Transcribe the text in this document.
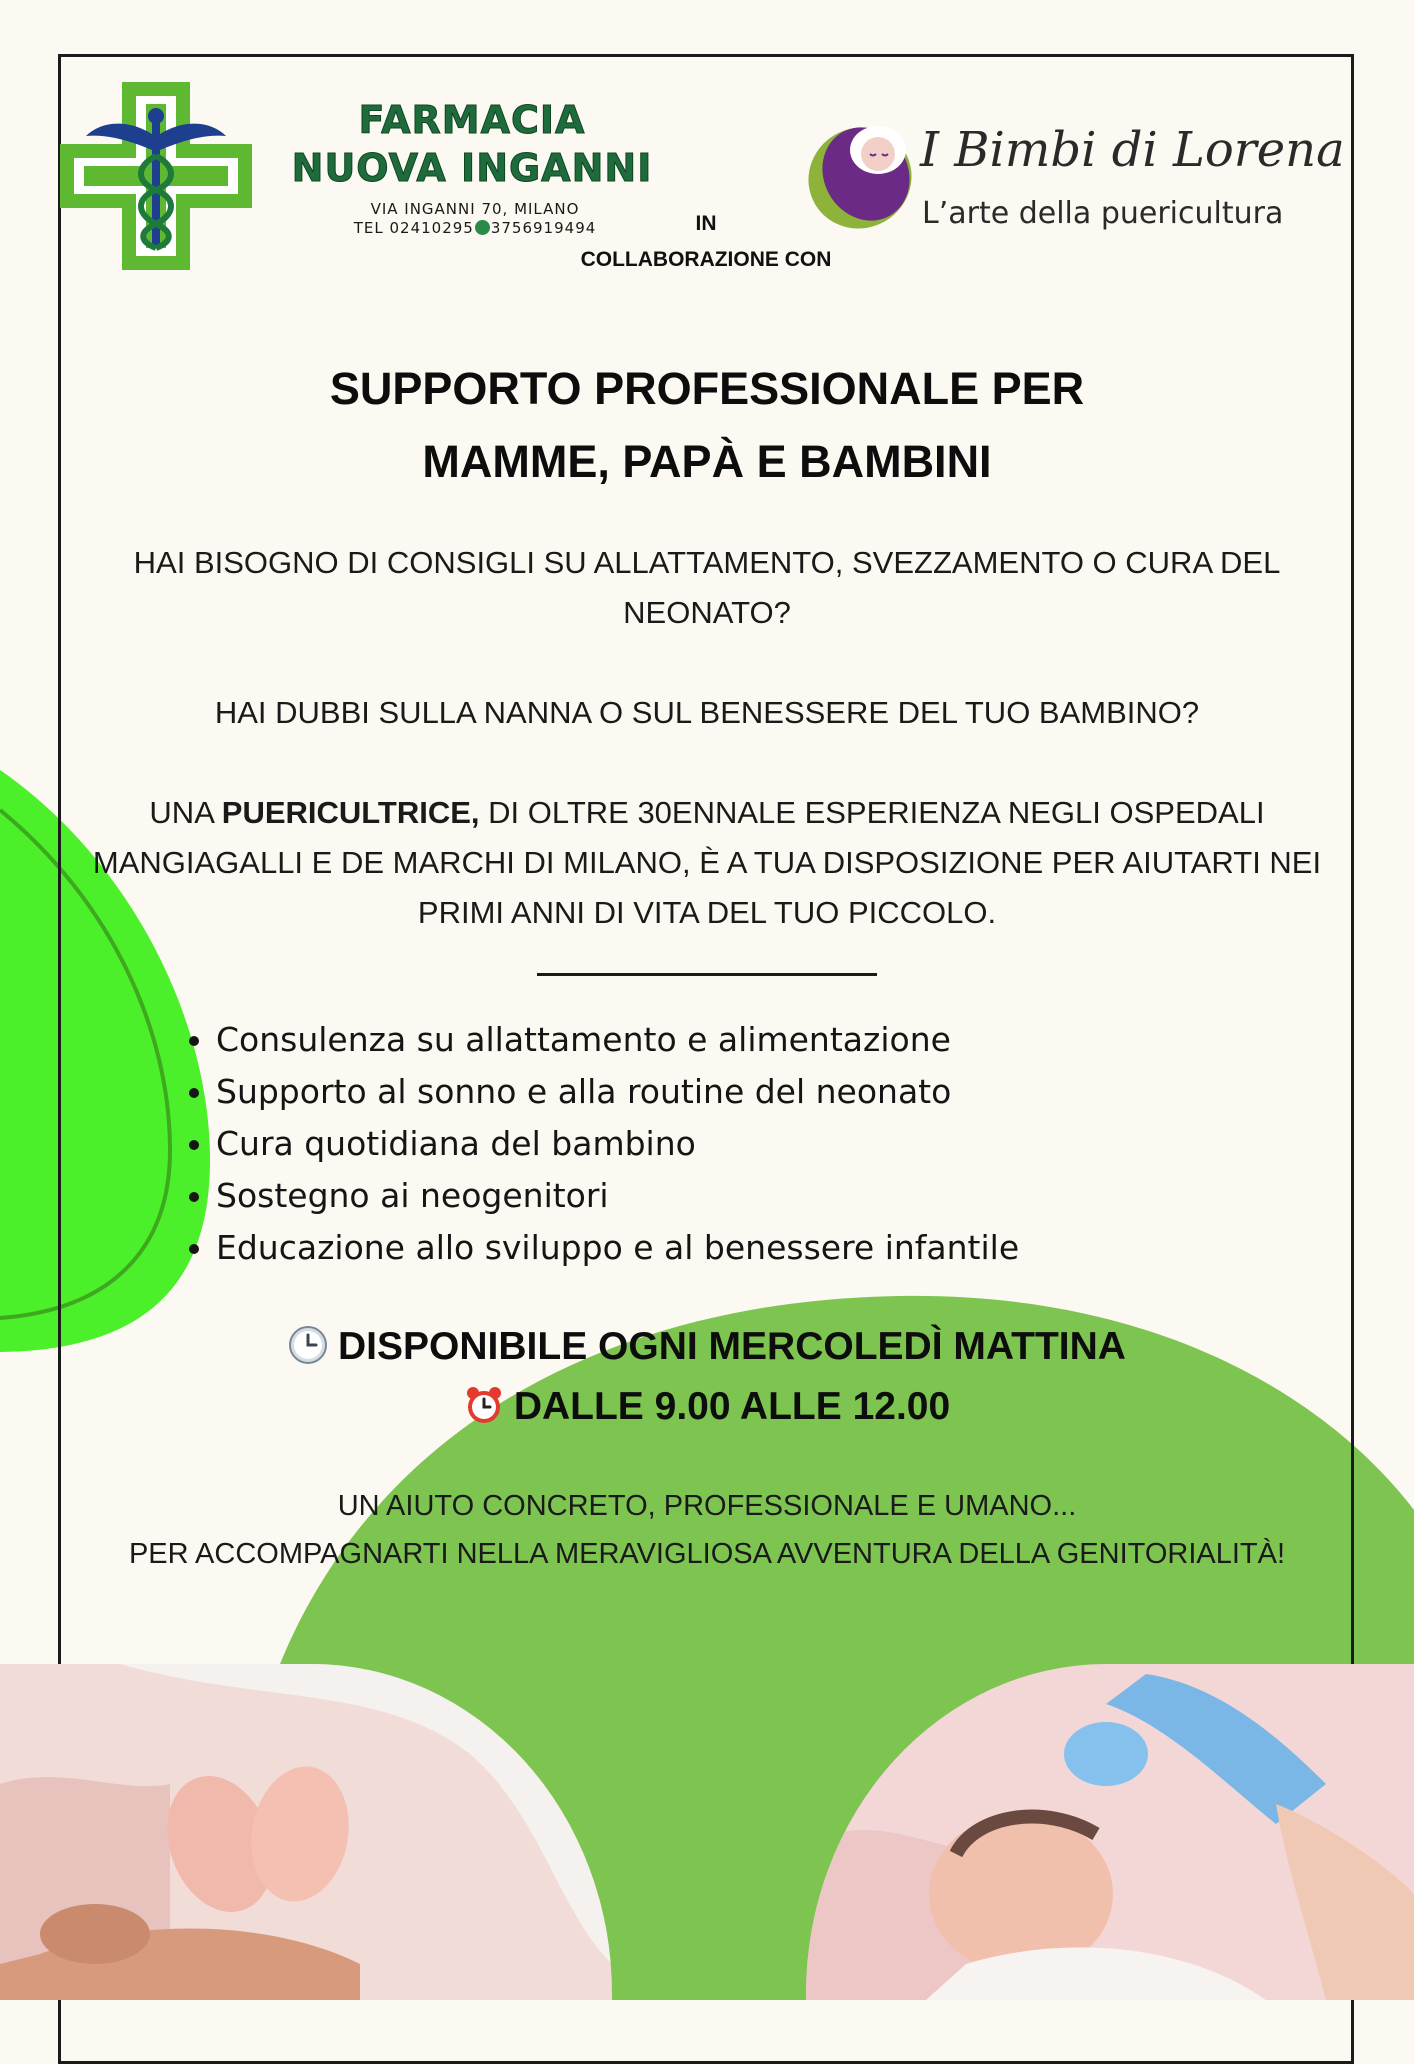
FARMACIA
NUOVA INGANNI
VIA INGANNI 70, MILANO
TEL 02410295 3756919494	IN
COLLABORAZIONE CON
I Bimbi di Lorena
L’arte della puericultura
SUPPORTO PROFESSIONALE PER
MAMME, PAPÀ E BAMBINI
HAI BISOGNO DI CONSIGLI SU ALLATTAMENTO, SVEZZAMENTO O CURA DEL NEONATO?
HAI DUBBI SULLA NANNA O SUL BENESSERE DEL TUO BAMBINO?
UNA PUERICULTRICE, DI OLTRE 30ENNALE ESPERIENZA NEGLI OSPEDALI MANGIAGALLI E DE MARCHI DI MILANO, È A TUA DISPOSIZIONE PER AIUTARTI NEI PRIMI ANNI DI VITA DEL TUO PICCOLO.
• Consulenza su allattamento e alimentazione
• Supporto al sonno e alla routine del neonato
• Cura quotidiana del bambino
• Sostegno ai neogenitori
• Educazione allo sviluppo e al benessere infantile
DISPONIBILE OGNI MERCOLEDÌ MATTINA
DALLE 9.00 ALLE 12.00
UN AIUTO CONCRETO, PROFESSIONALE E UMANO...
PER ACCOMPAGNARTI NELLA MERAVIGLIOSA AVVENTURA DELLA GENITORIALITÀ!
